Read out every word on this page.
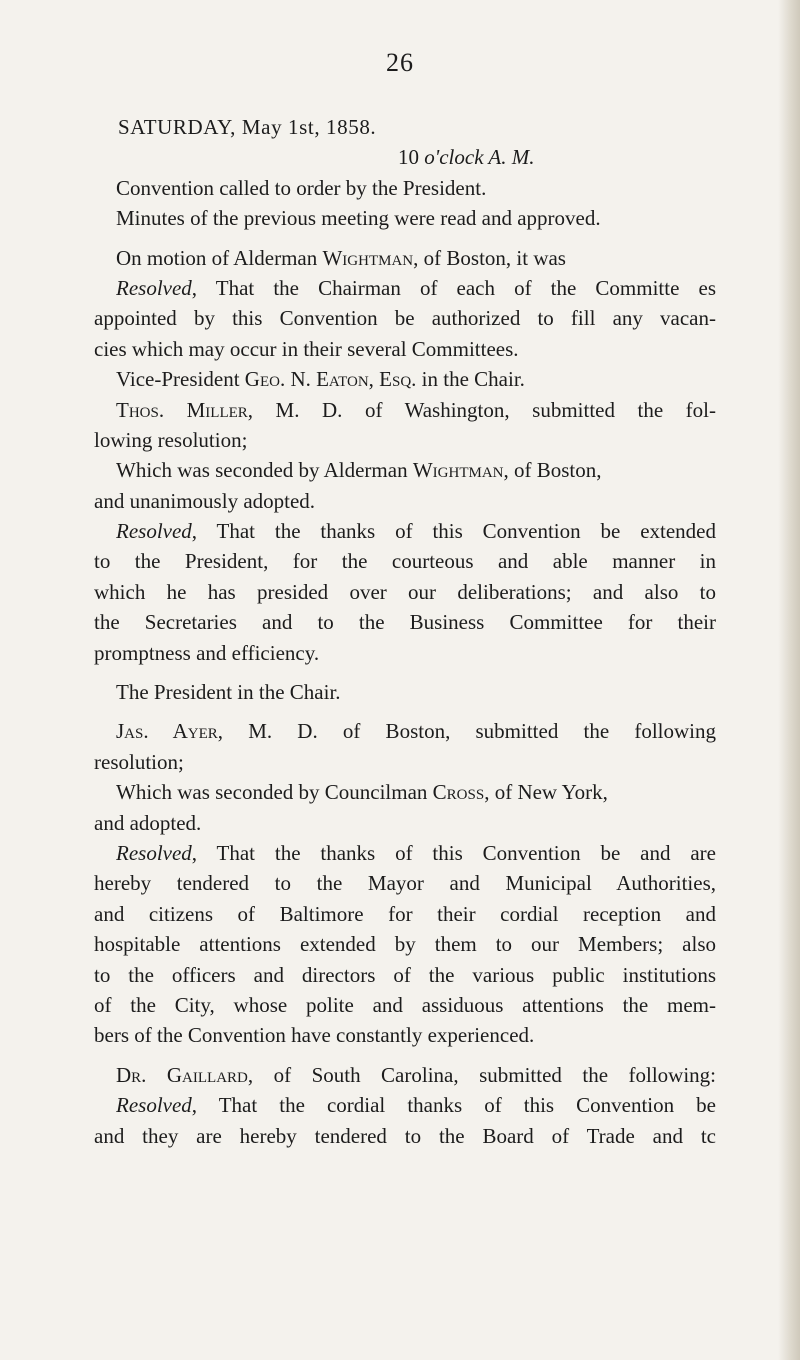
26
SATURDAY, May 1st, 1858.
10 o'clock A. M.
Convention called to order by the President.
Minutes of the previous meeting were read and approved.
On motion of Alderman Wightman, of Boston, it was
Resolved, That the Chairman of each of the Committe es
appointed by this Convention be authorized to fill any vacan-
cies which may occur in their several Committees.
Vice-President Geo. N. Eaton, Esq. in the Chair.
Thos. Miller, M. D. of Washington, submitted the fol-
lowing resolution;
Which was seconded by Alderman Wightman, of Boston,
and unanimously adopted.
Resolved, That the thanks of this Convention be extended
to the President, for the courteous and able manner in
which he has presided over our deliberations; and also to
the Secretaries and to the Business Committee for their
promptness and efficiency.
The President in the Chair.
Jas. Ayer, M. D. of Boston, submitted the following
resolution;
Which was seconded by Councilman Cross, of New York,
and adopted.
Resolved, That the thanks of this Convention be and are
hereby tendered to the Mayor and Municipal Authorities,
and citizens of Baltimore for their cordial reception and
hospitable attentions extended by them to our Members; also
to the officers and directors of the various public institutions
of the City, whose polite and assiduous attentions the mem-
bers of the Convention have constantly experienced.
Dr. Gaillard, of South Carolina, submitted the following:
Resolved, That the cordial thanks of this Convention be
and they are hereby tendered to the Board of Trade and tc
